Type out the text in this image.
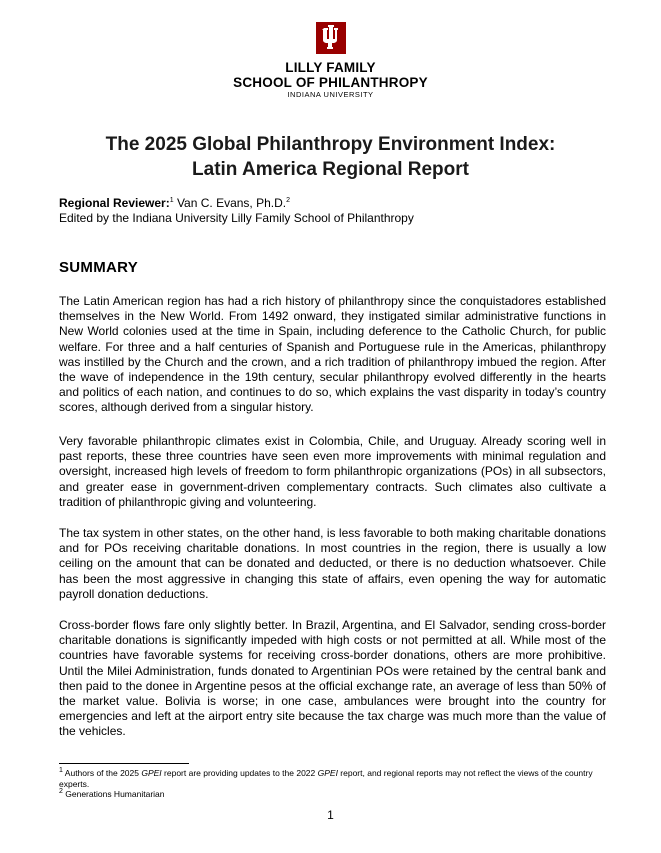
LILLY FAMILY
SCHOOL OF PHILANTHROPY
INDIANA UNIVERSITY
The 2025 Global Philanthropy Environment Index:
Latin America Regional Report
Regional Reviewer:$^1$ Van C. Evans, Ph.D.$^2$
Edited by the Indiana University Lilly Family School of Philanthropy
SUMMARY

The Latin American region has had a rich history of philanthropy since the conquistadores established themselves in the New World. From 1492 onward, they instigated similar administrative functions in New World colonies used at the time in Spain, including deference to the Catholic Church, for public welfare. For three and a half centuries of Spanish and Portuguese rule in the Americas, philanthropy was instilled by the Church and the crown, and a rich tradition of philanthropy imbued the region. After the wave of independence in the 19th century, secular philanthropy evolved differently in the hearts and politics of each nation, and continues to do so, which explains the vast disparity in today’s country scores, although derived from a singular history.

Very favorable philanthropic climates exist in Colombia, Chile, and Uruguay. Already scoring well in past reports, these three countries have seen even more improvements with minimal regulation and oversight, increased high levels of freedom to form philanthropic organizations (POs) in all subsectors, and greater ease in government-driven complementary contracts. Such climates also cultivate a tradition of philanthropic giving and volunteering.

The tax system in other states, on the other hand, is less favorable to both making charitable donations and for POs receiving charitable donations. In most countries in the region, there is usually a low ceiling on the amount that can be donated and deducted, or there is no deduction whatsoever. Chile has been the most aggressive in changing this state of affairs, even opening the way for automatic payroll donation deductions.

Cross-border flows fare only slightly better. In Brazil, Argentina, and El Salvador, sending cross-border charitable donations is significantly impeded with high costs or not permitted at all. While most of the countries have favorable systems for receiving cross-border donations, others are more prohibitive. Until the Milei Administration, funds donated to Argentinian POs were retained by the central bank and then paid to the donee in Argentine pesos at the official exchange rate, an average of less than 50% of the market value. Bolivia is worse; in one case, ambulances were brought into the country for emergencies and left at the airport entry site because the tax charge was much more than the value of the vehicles.

$^1$ Authors of the 2025 GPEI report are providing updates to the 2022 GPEI report, and regional reports may not reflect the views of the country experts.

$^2$ Generations Humanitarian

1
